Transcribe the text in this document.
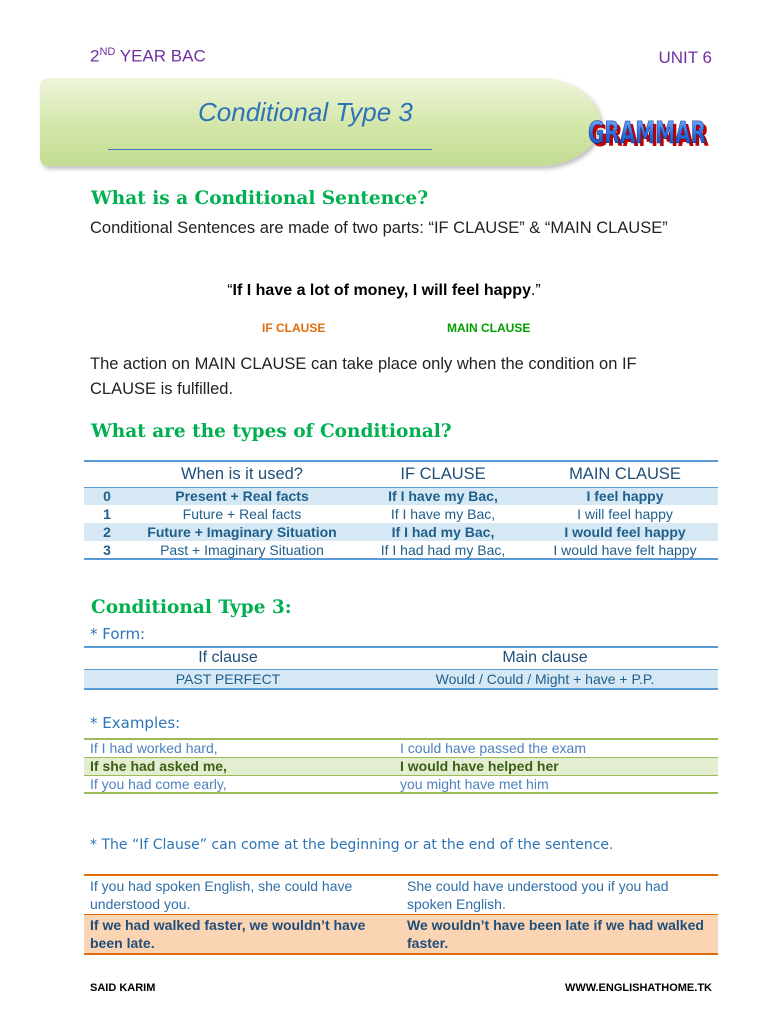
2ND YEAR BAC	UNIT 6
Conditional Type 3
GRAMMAR
GRAMMAR
What is a Conditional Sentence?
Conditional Sentences are made of two parts: “IF CLAUSE” & “MAIN CLAUSE”
“If I have a lot of money, I will feel happy.”
IF CLAUSE	MAIN CLAUSE
The action on MAIN CLAUSE can take place only when the condition on IF CLAUSE is fulfilled.
What are the types of Conditional?
	When is it used?	IF CLAUSE	MAIN CLAUSE
0	Present + Real facts	If I have my Bac,	I feel happy
1	Future + Real facts	If I have my Bac,	I will feel happy
2	Future + Imaginary Situation	If I had my Bac,	I would feel happy
3	Past + Imaginary Situation	If I had had my Bac,	I would have felt happy
Conditional Type 3:
* Form:
If clause	Main clause
PAST PERFECT	Would / Could / Might + have + P.P.
* Examples:
If I had worked hard,	I could have passed the exam
If she had asked me,	I would have helped her
If you had come early,	you might have met him
* The “If Clause” can come at the beginning or at the end of the sentence.
If you had spoken English, she could have understood you.	She could have understood you if you had spoken English.
If we had walked faster, we wouldn’t have been late.	We wouldn’t have been late if we had walked faster.
SAID KARIM	WWW.ENGLISHATHOME.TK
